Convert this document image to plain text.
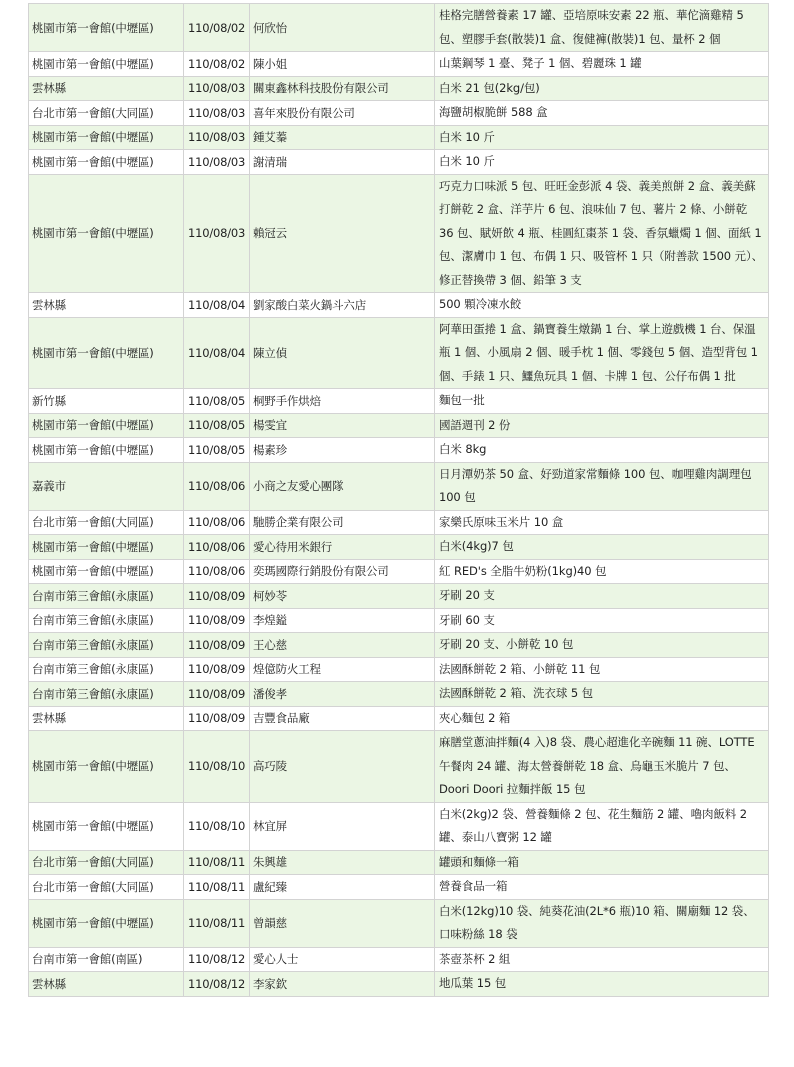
桃園市第一會館(中壢區)	110/08/02	何欣怡	桂格完膳營養素 17 罐、亞培原味安素 22 瓶、華佗滴雞精 5 包、塑膠手套(散裝)1 盒、復健褲(散裝)1 包、量杯 2 個
桃園市第一會館(中壢區)	110/08/02	陳小姐	山葉鋼琴 1 臺、凳子 1 個、碧麗珠 1 罐
雲林縣	110/08/03	關東鑫林科技股份有限公司	白米 21 包(2kg/包)
台北市第一會館(大同區)	110/08/03	喜年來股份有限公司	海鹽胡椒脆餅 588 盒
桃園市第一會館(中壢區)	110/08/03	鍾艾蓁	白米 10 斤
桃園市第一會館(中壢區)	110/08/03	謝清瑞	白米 10 斤
桃園市第一會館(中壢區)	110/08/03	賴冠云	巧克力口味派 5 包、旺旺金彭派 4 袋、義美煎餅 2 盒、義美蘇打餅乾 2 盒、洋芋片 6 包、浪味仙 7 包、薯片 2 條、小餅乾 36 包、賦妍飲 4 瓶、桂圓紅棗茶 1 袋、香氛蠟燭 1 個、面紙 1 包、潔膚巾 1 包、布偶 1 只、吸管杯 1 只（附善款 1500 元）、修正替換帶 3 個、鉛筆 3 支
雲林縣	110/08/04	劉家酸白菜火鍋斗六店	500 顆冷凍水餃
桃園市第一會館(中壢區)	110/08/04	陳立偵	阿華田蛋捲 1 盒、鍋寶養生燉鍋 1 台、掌上遊戲機 1 台、保溫瓶 1 個、小風扇 2 個、暖手枕 1 個、零錢包 5 個、造型背包 1 個、手錶 1 只、鱷魚玩具 1 個、卡牌 1 包、公仔布偶 1 批
新竹縣	110/08/05	桐野手作烘焙	麵包一批
桃園市第一會館(中壢區)	110/08/05	楊雯宜	國語週刊 2 份
桃園市第一會館(中壢區)	110/08/05	楊素珍	白米 8kg
嘉義市	110/08/06	小商之友愛心團隊	日月潭奶茶 50 盒、好勁道家常麵條 100 包、咖哩雞肉調理包 100 包
台北市第一會館(大同區)	110/08/06	馳勝企業有限公司	家樂氏原味玉米片 10 盒
桃園市第一會館(中壢區)	110/08/06	愛心待用米銀行	白米(4kg)7 包
桃園市第一會館(中壢區)	110/08/06	奕瑪國際行銷股份有限公司	紅 RED's 全脂牛奶粉(1kg)40 包
台南市第三會館(永康區)	110/08/09	柯妙苓	牙刷 20 支
台南市第三會館(永康區)	110/08/09	李煌鎰	牙刷 60 支
台南市第三會館(永康區)	110/08/09	王心慈	牙刷 20 支、小餅乾 10 包
台南市第三會館(永康區)	110/08/09	煌億防火工程	法國酥餅乾 2 箱、小餅乾 11 包
台南市第三會館(永康區)	110/08/09	潘俊孝	法國酥餅乾 2 箱、洗衣球 5 包
雲林縣	110/08/09	吉豐食品廠	夾心麵包 2 箱
桃園市第一會館(中壢區)	110/08/10	高巧陵	麻膳堂蔥油拌麵(4 入)8 袋、農心超進化辛碗麵 11 碗、LOTTE 午餐肉 24 罐、海太營養餅乾 18 盒、烏龜玉米脆片 7 包、Doori Doori 拉麵拌飯 15 包
桃園市第一會館(中壢區)	110/08/10	林宜屏	白米(2kg)2 袋、營養麵條 2 包、花生麵筋 2 罐、嚕肉飯料 2 罐、泰山八寶粥 12 罐
台北市第一會館(大同區)	110/08/11	朱興雄	罐頭和麵條一箱
台北市第一會館(大同區)	110/08/11	盧紀臻	營養食品一箱
桃園市第一會館(中壢區)	110/08/11	曾韻慈	白米(12kg)10 袋、純葵花油(2L*6 瓶)10 箱、關廟麵 12 袋、口味粉絲 18 袋
台南市第一會館(南區)	110/08/12	愛心人士	茶壺茶杯 2 組
雲林縣	110/08/12	李家欽	地瓜葉 15 包
